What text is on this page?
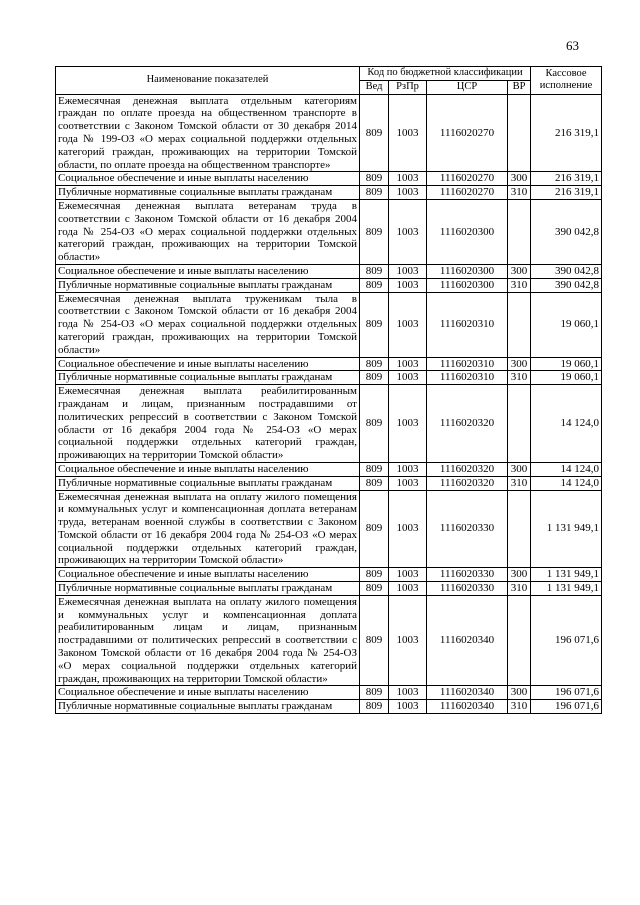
63
Наименование показателей	Код по бюджетной классификации				Кассовое исполнение
	Вед	РзПр	ЦСР	ВР	
Ежемесячная денежная выплата отдельным категориям граждан по оплате проезда на общественном транспорте в соответствии с Законом Томской области от 30 декабря 2014 года № 199-ОЗ «О мерах социальной поддержки отдельных категорий граждан, проживающих на территории Томской области, по оплате проезда на общественном транспорте»	809	1003	1116020270		216 319,1
Социальное обеспечение и иные выплаты населению	809	1003	1116020270	300	216 319,1
Публичные нормативные социальные выплаты гражданам	809	1003	1116020270	310	216 319,1
Ежемесячная денежная выплата ветеранам труда в соответствии с Законом Томской области от 16 декабря 2004 года № 254-ОЗ «О мерах социальной поддержки отдельных категорий граждан, проживающих на территории Томской области»	809	1003	1116020300		390 042,8
Социальное обеспечение и иные выплаты населению	809	1003	1116020300	300	390 042,8
Публичные нормативные социальные выплаты гражданам	809	1003	1116020300	310	390 042,8
Ежемесячная денежная выплата труженикам тыла в соответствии с Законом Томской области от 16 декабря 2004 года № 254-ОЗ «О мерах социальной поддержки отдельных категорий граждан, проживающих на территории Томской области»	809	1003	1116020310		19 060,1
Социальное обеспечение и иные выплаты населению	809	1003	1116020310	300	19 060,1
Публичные нормативные социальные выплаты гражданам	809	1003	1116020310	310	19 060,1
Ежемесячная денежная выплата реабилитированным гражданам и лицам, признанным пострадавшими от политических репрессий в соответствии с Законом Томской области от 16 декабря 2004 года № 254-ОЗ «О мерах социальной поддержки отдельных категорий граждан, проживающих на территории Томской области»	809	1003	1116020320		14 124,0
Социальное обеспечение и иные выплаты населению	809	1003	1116020320	300	14 124,0
Публичные нормативные социальные выплаты гражданам	809	1003	1116020320	310	14 124,0
Ежемесячная денежная выплата на оплату жилого помещения и коммунальных услуг и компенсационная доплата ветеранам труда, ветеранам военной службы в соответствии с Законом Томской области от 16 декабря 2004 года № 254-ОЗ «О мерах социальной поддержки отдельных категорий граждан, проживающих на территории Томской области»	809	1003	1116020330		1 131 949,1
Социальное обеспечение и иные выплаты населению	809	1003	1116020330	300	1 131 949,1
Публичные нормативные социальные выплаты гражданам	809	1003	1116020330	310	1 131 949,1
Ежемесячная денежная выплата на оплату жилого помещения и коммунальных услуг и компенсационная доплата реабилитированным лицам и лицам, признанным пострадавшими от политических репрессий в соответствии с Законом Томской области от 16 декабря 2004 года № 254-ОЗ «О мерах социальной поддержки отдельных категорий граждан, проживающих на территории Томской области»	809	1003	1116020340		196 071,6
Социальное обеспечение и иные выплаты населению	809	1003	1116020340	300	196 071,6
Публичные нормативные социальные выплаты гражданам	809	1003	1116020340	310	196 071,6
